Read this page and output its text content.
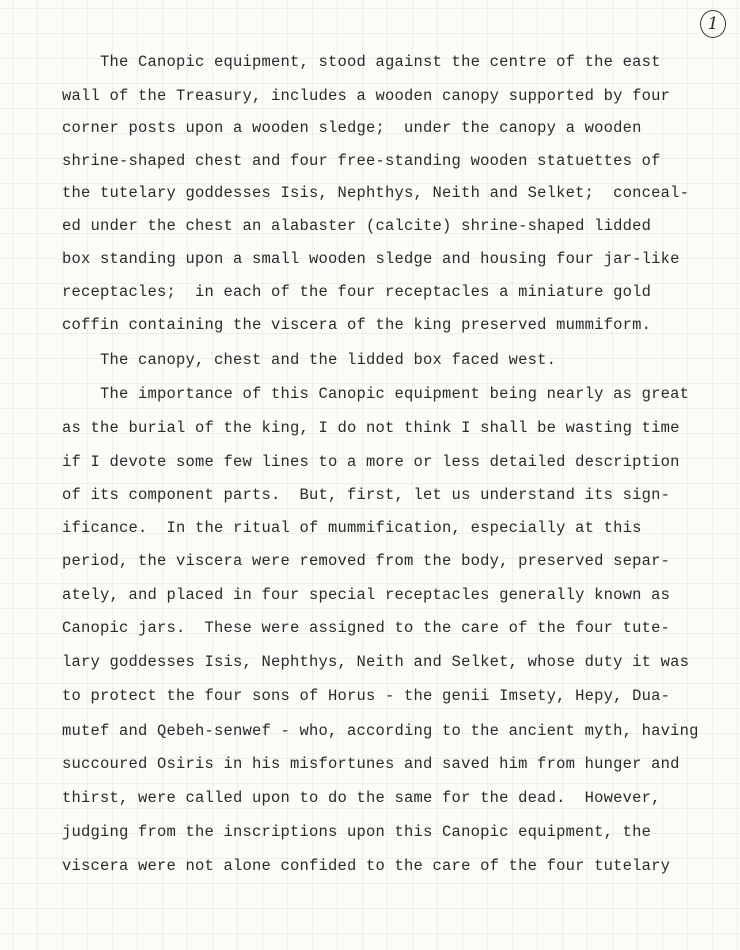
1
The Canopic equipment, stood against the centre of the east
wall of the Treasury, includes a wooden canopy supported by four
corner posts upon a wooden sledge;  under the canopy a wooden
shrine-shaped chest and four free-standing wooden statuettes of
the tutelary goddesses Isis, Nephthys, Neith and Selket;  conceal-
ed under the chest an alabaster (calcite) shrine-shaped lidded
box standing upon a small wooden sledge and housing four jar-like
receptacles;  in each of the four receptacles a miniature gold
coffin containing the viscera of the king preserved mummiform.
The canopy, chest and the lidded box faced west.
The importance of this Canopic equipment being nearly as great
as the burial of the king, I do not think I shall be wasting time
if I devote some few lines to a more or less detailed description
of its component parts.  But, first, let us understand its sign-
ificance.  In the ritual of mummification, especially at this
period, the viscera were removed from the body, preserved separ-
ately, and placed in four special receptacles generally known as
Canopic jars.  These were assigned to the care of the four tute-
lary goddesses Isis, Nephthys, Neith and Selket, whose duty it was
to protect the four sons of Horus - the genii Imsety, Hepy, Dua-
mutef and Qebeh-senwef - who, according to the ancient myth, having
succoured Osiris in his misfortunes and saved him from hunger and
thirst, were called upon to do the same for the dead.  However,
judging from the inscriptions upon this Canopic equipment, the
viscera were not alone confided to the care of the four tutelary
